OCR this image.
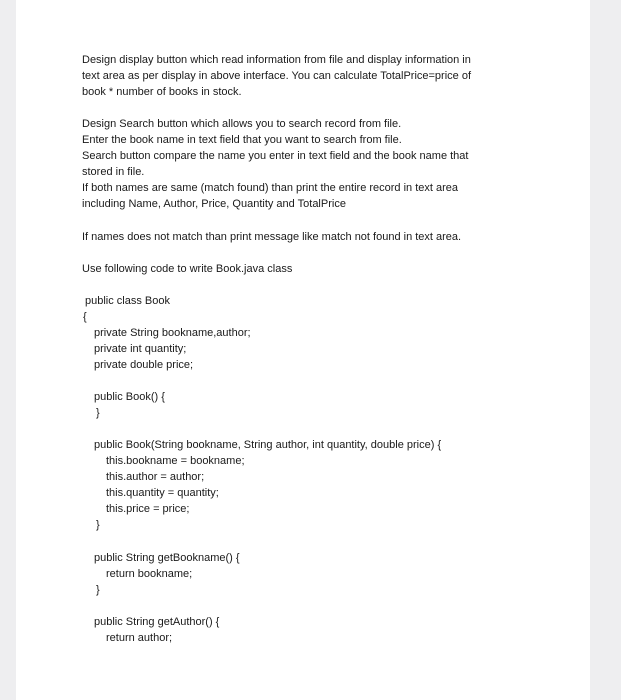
Design display button which read information from file and display information in
text area as per display in above interface. You can calculate TotalPrice=price of
book * number of books in stock.
Design Search button which allows you to search record from file.
Enter the book name in text field that you want to search from file.
Search button compare the name you enter in text field and the book name that
stored in file.
If both names are same (match found) than print the entire record in text area
including Name, Author, Price, Quantity and TotalPrice
If names does not match than print message like match not found in text area.
Use following code to write Book.java class
public class Book
{
private String bookname,author;
private int quantity;
private double price;
public Book() {
}
public Book(String bookname, String author, int quantity, double price) {
this.bookname = bookname;
this.author = author;
this.quantity = quantity;
this.price = price;
}
public String getBookname() {
return bookname;
}
public String getAuthor() {
return author;
